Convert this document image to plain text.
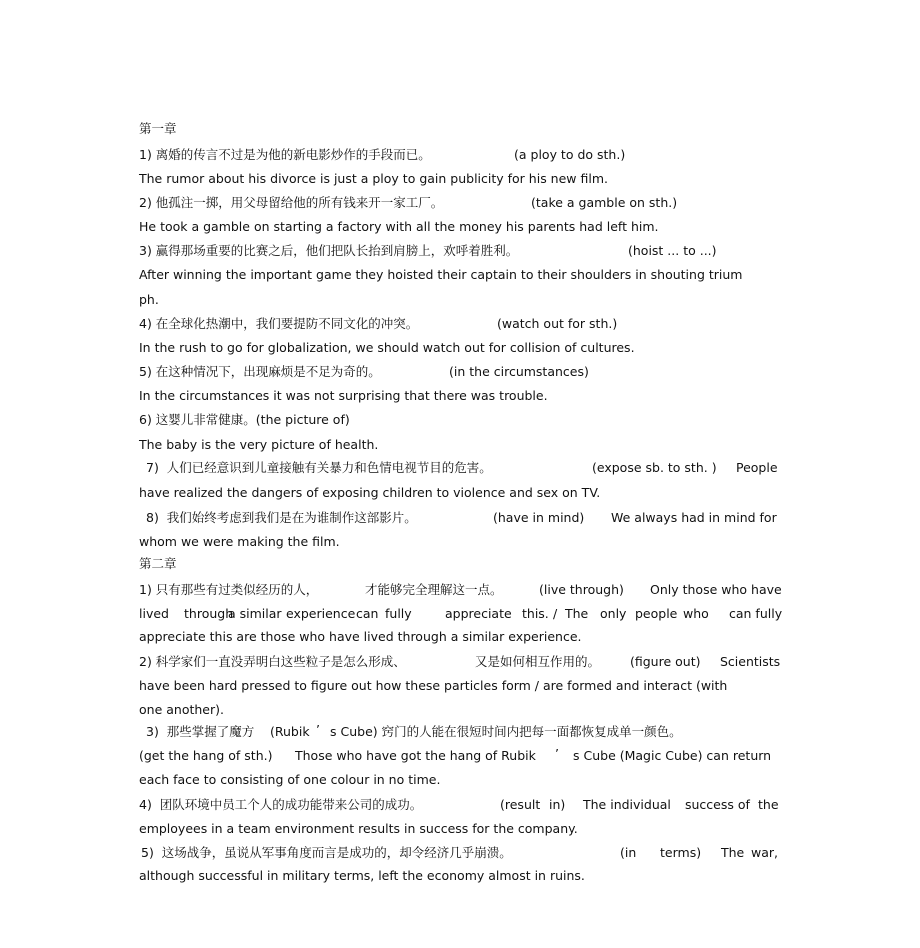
第一章
1) 离婚的传言不过是为他的新电影炒作的手段而已。	(a ploy to do sth.)
The rumor about his divorce is just a ploy to gain publicity for his new film.
2) 他孤注一掷，用父母留给他的所有钱来开一家工厂。	(take a gamble on sth.)
He took a gamble on starting a factory with all the money his parents had left him.
3) 赢得那场重要的比赛之后，他们把队长抬到肩膀上，欢呼着胜利。	(hoist ... to ...)
After winning the important game they hoisted their captain to their shoulders in shouting trium
ph.
4) 在全球化热潮中，我们要提防不同文化的冲突。	(watch out for sth.)
In the rush to go for globalization, we should watch out for collision of cultures.
5) 在这种情况下，出现麻烦是不足为奇的。	(in the circumstances)
In the circumstances it was not surprising that there was trouble.
6) 这婴儿非常健康。(the picture of)
The baby is the very picture of health.
7)  人们已经意识到儿童接触有关暴力和色情电视节目的危害。	(expose sb. to sth. ) People
have realized the dangers of exposing children to violence and sex on TV.
8)  我们始终考虑到我们是在为谁制作这部影片。	(have in mind) We always had in mind for
whom we were making the film.
第二章
1) 只有那些有过类似经历的人，	才能够完全理解这一点。	(live through) Only those who have
lived through
a similar experience can fully	appreciate this. / The only people who can fully
appreciate this are those who have lived through a similar experience.
2) 科学家们一直没弄明白这些粒子是怎么形成、	又是如何相互作用的。 (figure out) Scientists
have been hard pressed to figure out how these particles form / are formed and interact (with
one another).
3)  那些掌握了魔方 (Rubik ’ s Cube) 窍门的人能在很短时间内把每一面都恢复成单一颜色。
(get the hang of sth.) Those who have got the hang of Rubik ’ s Cube (Magic Cube) can return
each face to consisting of one colour in no time.
4)  团队环境中员工个人的成功能带来公司的成功。	(result in) The individual success of the
employees in a team environment results in success for the company.
5)  这场战争，虽说从军事角度而言是成功的，却令经济几乎崩溃。	(in terms) The war,
although successful in military terms, left the economy almost in ruins.
